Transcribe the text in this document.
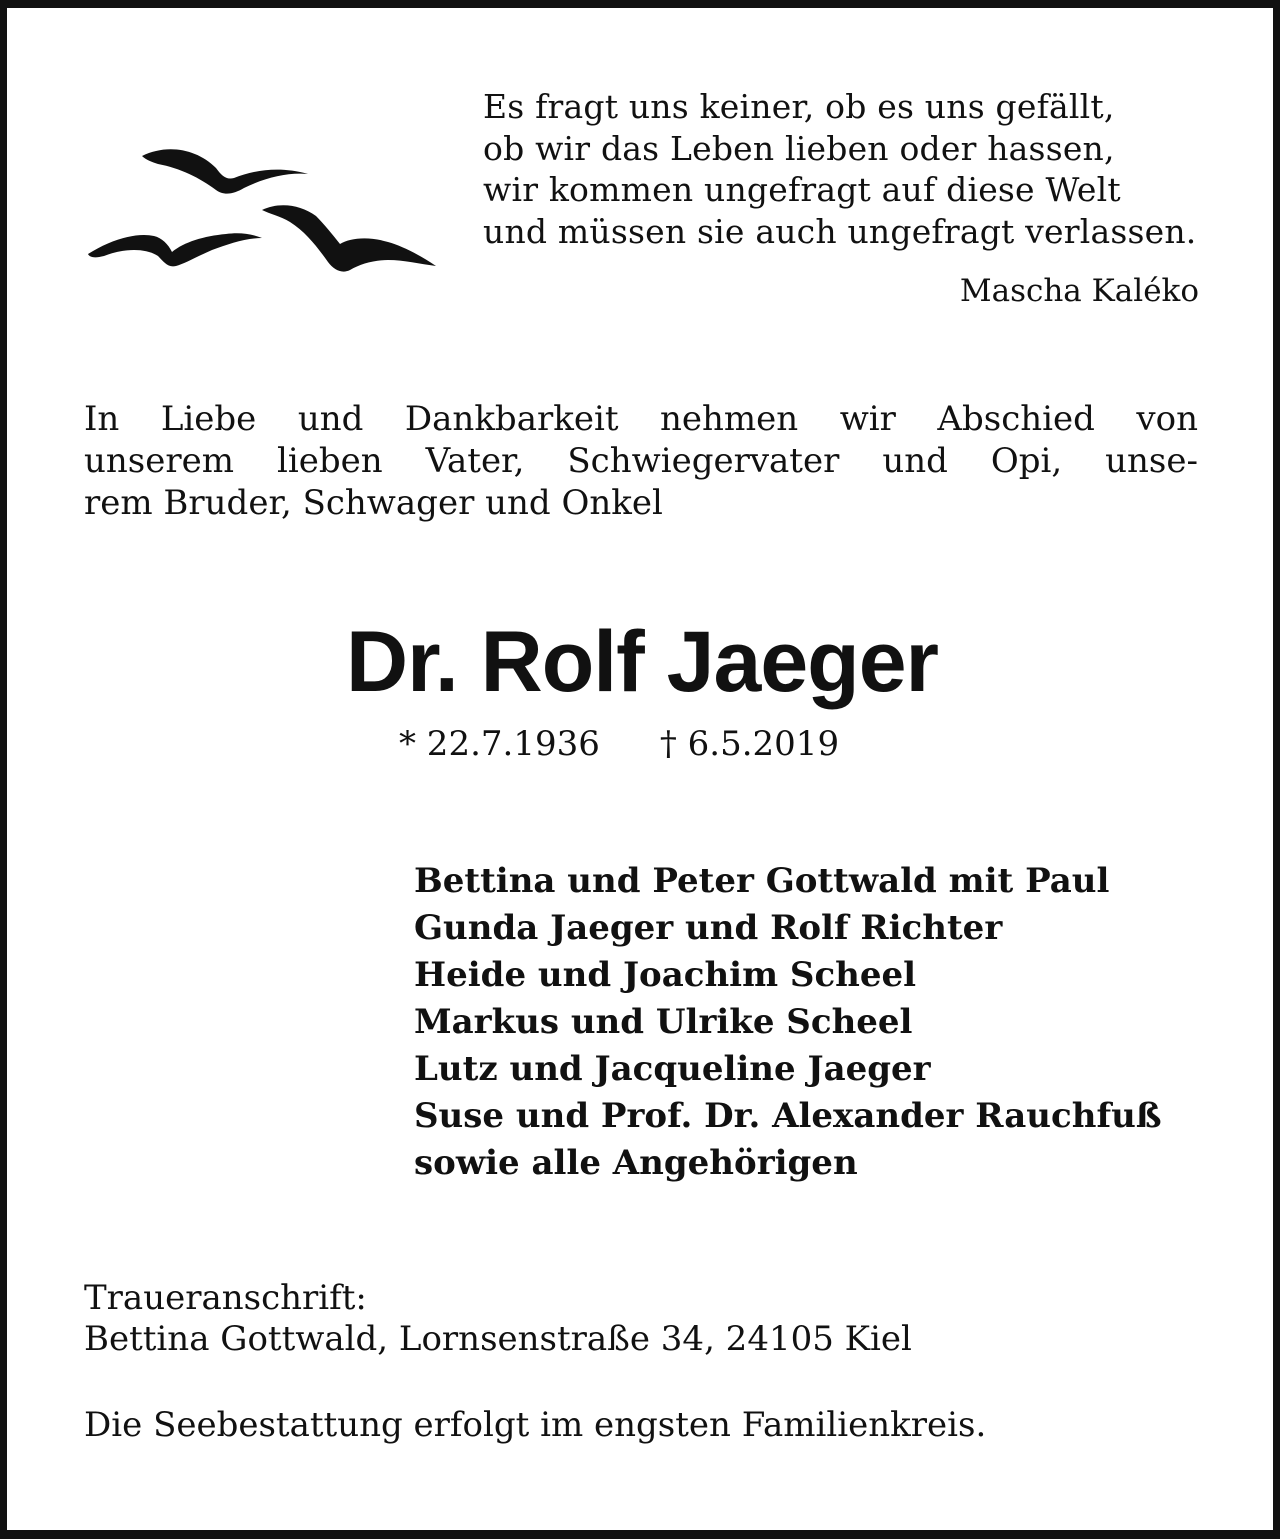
Es fragt uns keiner, ob es uns gefällt,
ob wir das Leben lieben oder hassen,
wir kommen ungefragt auf diese Welt
und müssen sie auch ungefragt verlassen.
Mascha Kaléko
In Liebe und Dankbarkeit nehmen wir Abschied von
unserem lieben Vater, Schwiegervater und Opi, unse-
rem Bruder, Schwager und Onkel
Dr. Rolf Jaeger
* 22.7.1936 † 6.5.2019
Bettina und Peter Gottwald mit Paul
Gunda Jaeger und Rolf Richter
Heide und Joachim Scheel
Markus und Ulrike Scheel
Lutz und Jacqueline Jaeger
Suse und Prof. Dr. Alexander Rauchfuß
sowie alle Angehörigen
Traueranschrift:
Bettina Gottwald, Lornsenstraße 34, 24105 Kiel
Die Seebestattung erfolgt im engsten Familienkreis.
